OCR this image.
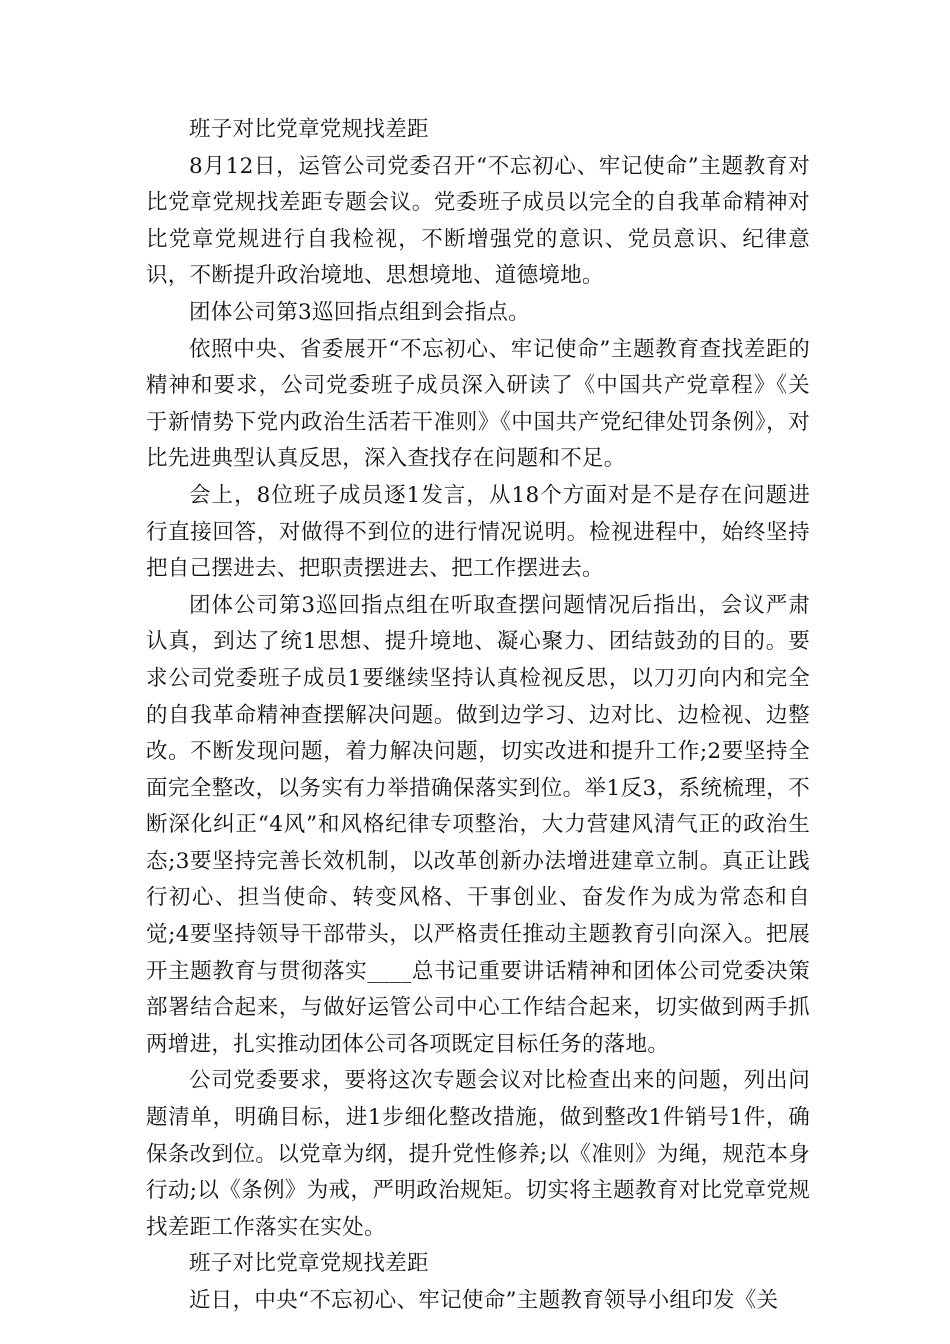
班子对比党章党规找差距

8月12日，运管公司党委召开“不忘初心、牢记使命”主题教育对比党章党规找差距专题会议。党委班子成员以完全的自我革命精神对比党章党规进行自我检视，不断增强党的意识、党员意识、纪律意识，不断提升政治境地、思想境地、道德境地。

团体公司第3巡回指点组到会指点。

依照中央、省委展开“不忘初心、牢记使命”主题教育查找差距的精神和要求，公司党委班子成员深入研读了《中国共产党章程》《关于新情势下党内政治生活若干准则》《中国共产党纪律处罚条例》，对比先进典型认真反思，深入查找存在问题和不足。

会上，8位班子成员逐1发言，从18个方面对是不是存在问题进行直接回答，对做得不到位的进行情况说明。检视进程中，始终坚持把自己摆进去、把职责摆进去、把工作摆进去。

团体公司第3巡回指点组在听取查摆问题情况后指出，会议严肃认真，到达了统1思想、提升境地、凝心聚力、团结鼓劲的目的。要求公司党委班子成员1要继续坚持认真检视反思，以刀刃向内和完全的自我革命精神查摆解决问题。做到边学习、边对比、边检视、边整改。不断发现问题，着力解决问题，切实改进和提升工作;2要坚持全面完全整改，以务实有力举措确保落实到位。举1反3，系统梳理，不断深化纠正“4风”和风格纪律专项整治，大力营建风清气正的政治生态;3要坚持完善长效机制，以改革创新办法增进建章立制。真正让践行初心、担当使命、转变风格、干事创业、奋发作为成为常态和自觉;4要坚持领导干部带头，以严格责任推动主题教育引向深入。把展开主题教育与贯彻落实____总书记重要讲话精神和团体公司党委决策部署结合起来，与做好运管公司中心工作结合起来，切实做到两手抓两增进，扎实推动团体公司各项既定目标任务的落地。

公司党委要求，要将这次专题会议对比检查出来的问题，列出问题清单，明确目标，进1步细化整改措施，做到整改1件销号1件，确保条改到位。以党章为纲，提升党性修养;以《准则》为绳，规范本身行动;以《条例》为戒，严明政治规矩。切实将主题教育对比党章党规找差距工作落实在实处。

班子对比党章党规找差距

近日，中央“不忘初心、牢记使命”主题教育领导小组印发《关
